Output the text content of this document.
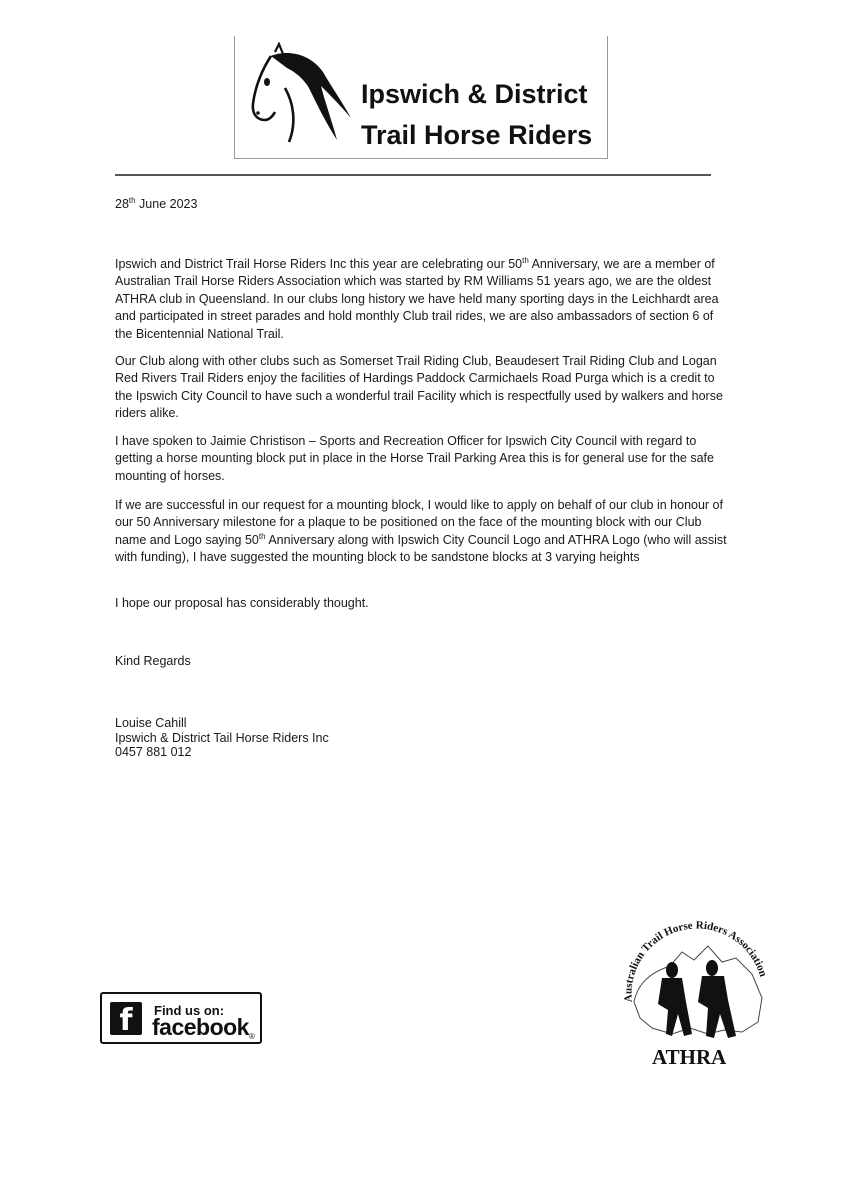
Ipswich & District
Trail Horse Riders

28th June 2023

Ipswich and District Trail Horse Riders Inc this year are celebrating our 50th Anniversary, we are a member of Australian Trail Horse Riders Association which was started by RM Williams 51 years ago, we are the oldest ATHRA club in Queensland. In our clubs long history we have held many sporting days in the Leichhardt area and participated in street parades and hold monthly Club trail rides, we are also ambassadors of section 6 of the Bicentennial National Trail.

Our Club along with other clubs such as Somerset Trail Riding Club, Beaudesert Trail Riding Club and Logan Red Rivers Trail Riders enjoy the facilities of Hardings Paddock Carmichaels Road Purga which is a credit to the Ipswich City Council to have such a wonderful trail Facility which is respectfully used by walkers and horse riders alike.

I have spoken to Jaimie Christison – Sports and Recreation Officer for Ipswich City Council with regard to getting a horse mounting block put in place in the Horse Trail Parking Area this is for general use for the safe mounting of horses.

If we are successful in our request for a mounting block, I would like to apply on behalf of our club in honour of our 50 Anniversary milestone for a plaque to be positioned on the face of the mounting block with our Club name and Logo saying 50th Anniversary along with Ipswich City Council Logo and ATHRA Logo (who will assist with funding), I have suggested the mounting block to be sandstone blocks at 3 varying heights

I hope our proposal has considerably thought.

Kind Regards

Louise Cahill
Ipswich & District Tail Horse Riders Inc
0457 881 012

f	Find us on:
facebook®
Australian Trail Horse Riders Association
ATHRA
